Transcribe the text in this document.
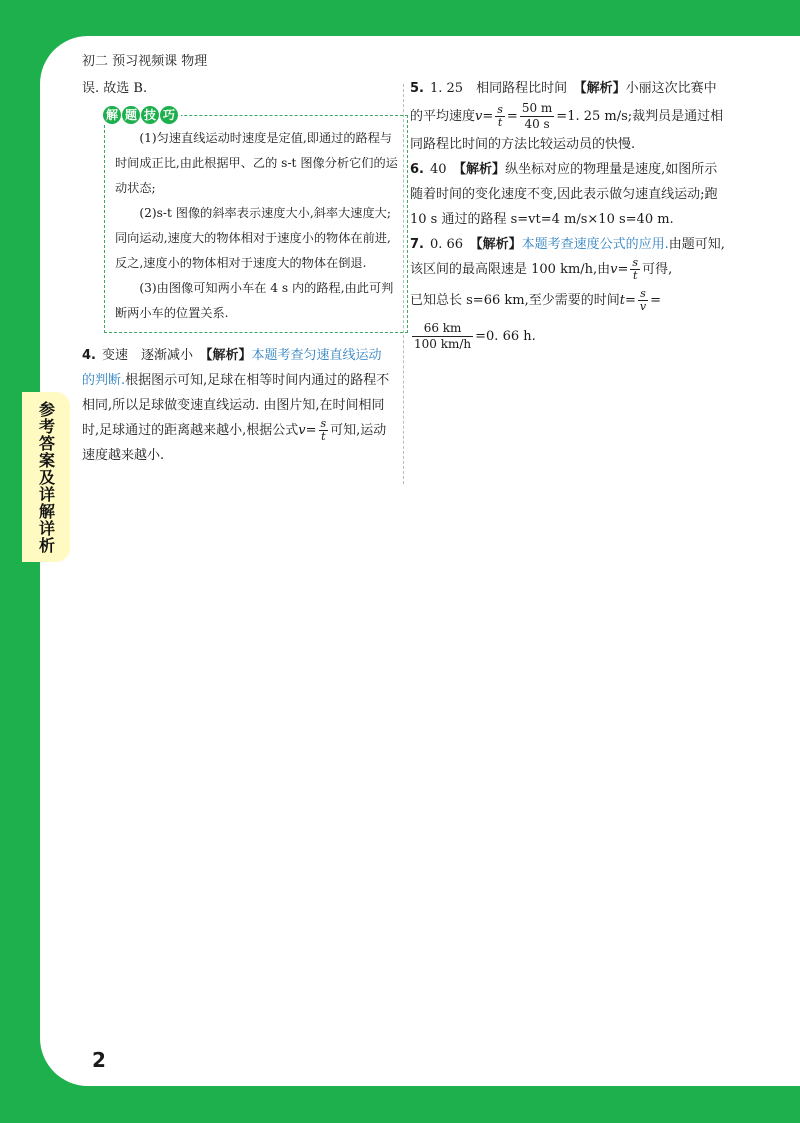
初二 预习视频课 物理
参考答案及详解详析

误. 故选 B.

解 题 技 巧

(1)匀速直线运动时速度是定值,即通过的路程与时间成正比,由此根据甲、乙的 s-t 图像分析它们的运动状态;

(2)s-t 图像的斜率表示速度大小,斜率大速度大;同向运动,速度大的物体相对于速度小的物体在前进,反之,速度小的物体相对于速度大的物体在倒退.

(3)由图像可知两小车在 4 s 内的路程,由此可判断两小车的位置关系.

4. 变速　逐渐减小　【解析】本题考查匀速直线运动的判断.根据图示可知,足球在相等时间内通过的路程不相同,所以足球做变速直线运动. 由图片知,在时间相同时,足球通过的距离越来越小,根据公式$v= \frac{s}{t}$ 可知,运动速度越来越小.

5. 1. 25　相同路程比时间　【解析】小丽这次比赛中的平均速度$v= \frac{s}{t} = \frac{50 m}{40 s} =1$. 25 m/s;裁判员是通过相同路程比时间的方法比较运动员的快慢.

6. 40　【解析】纵坐标对应的物理量是速度,如图所示随着时间的变化速度不变,因此表示做匀速直线运动;跑 10 s 通过的路程 s=vt=4 m/s×10 s=40 m.

7. 0. 66　【解析】本题考查速度公式的应用.由题可知,该区间的最高限速是 100 km/h,由$v= \frac{s}{t}$ 可得,

已知总长 s=66 km,至少需要的时间$t= \frac{s}{v}$ =

$\frac{66 km}{100 km/h} =0$. 66 h.

2
